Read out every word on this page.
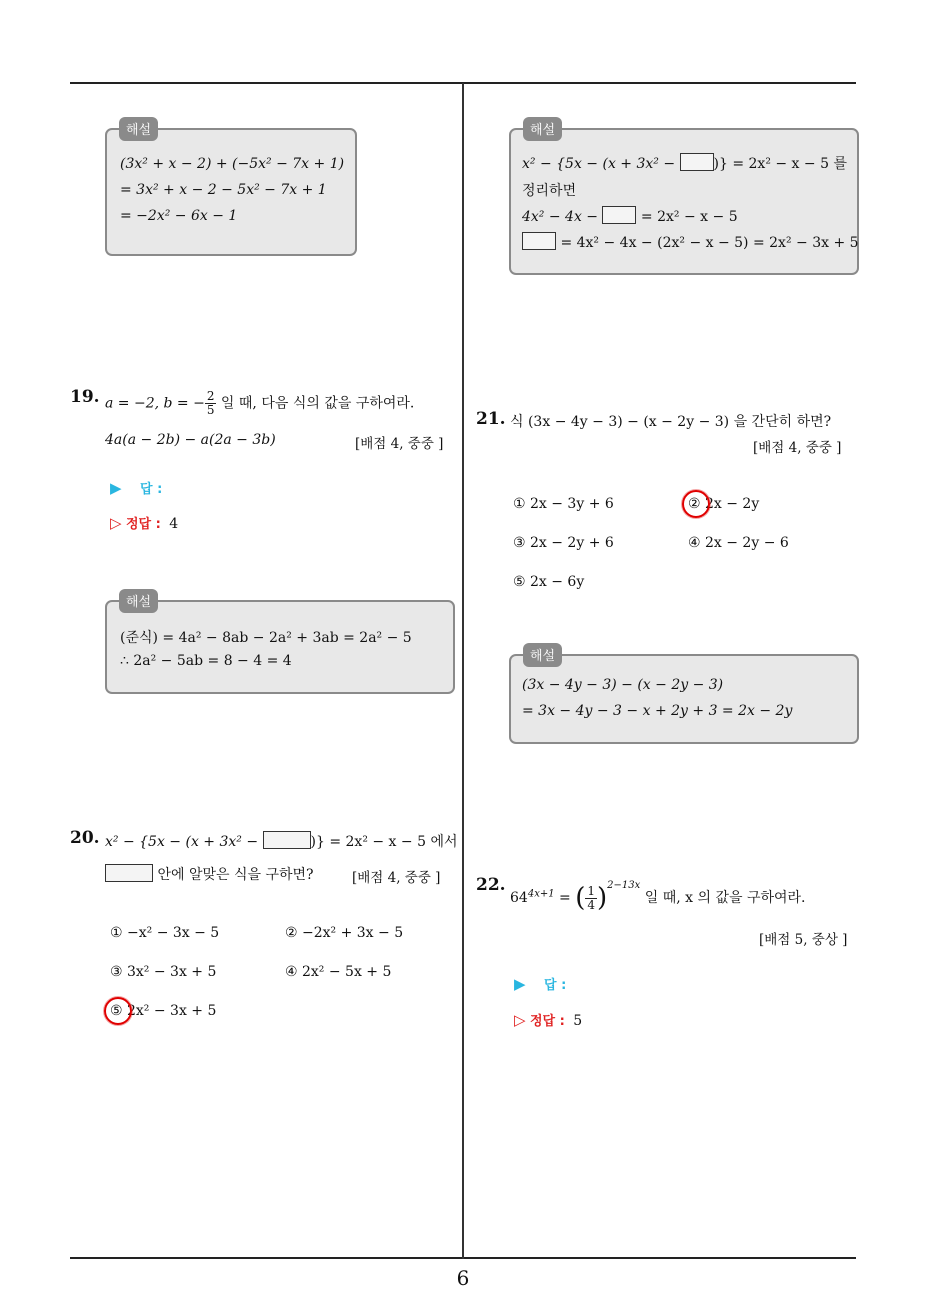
해설
(3x² + x − 2) + (−5x² − 7x + 1)
= 3x² + x − 2 − 5x² − 7x + 1
= −2x² − 6x − 1
19. a = −2, b = − $\frac{2}{5}$ 일 때, 다음 식의 값을 구하여라.
4a(a − 2b) − a(2a − 3b)	[배점 4, 중중 ]
▶ 답 :
▷ 정답 : 4
해설
(준식) = 4a² − 8ab − 2a² + 3ab = 2a² − 5
∴ 2a² − 5ab = 8 − 4 = 4
20. x² − {5x − (x + 3x² −	)} = 2x² − x − 5 에서
안에 알맞은 식을 구하면?	[배점 4, 중중 ]
① −x² − 3x − 5	② −2x² + 3x − 5
③ 3x² − 3x + 5	④ 2x² − 5x + 5
⑤ 2x² − 3x + 5
해설
x² − {5x − (x + 3x² − )} = 2x² − x − 5 를
정리하면
4x² − 4x −  = 2x² − x − 5
= 4x² − 4x − (2x² − x − 5) = 2x² − 3x + 5
21. 식 (3x − 4y − 3) − (x − 2y − 3) 을 간단히 하면?
[배점 4, 중중 ]
① 2x − 3y + 6	② 2x − 2y
③ 2x − 2y + 6	④ 2x − 2y − 6
⑤ 2x − 6y
해설
(3x − 4y − 3) − (x − 2y − 3)
= 3x − 4y − 3 − x + 2y + 3 = 2x − 2y
22.
$64^{4x+1}$ = ( $\frac{1}{4} )^{2-13x}$ 일 때, x 의 값을 구하여라.
[배점 5, 중상 ]
▶ 답 :
▷ 정답 : 5
6
